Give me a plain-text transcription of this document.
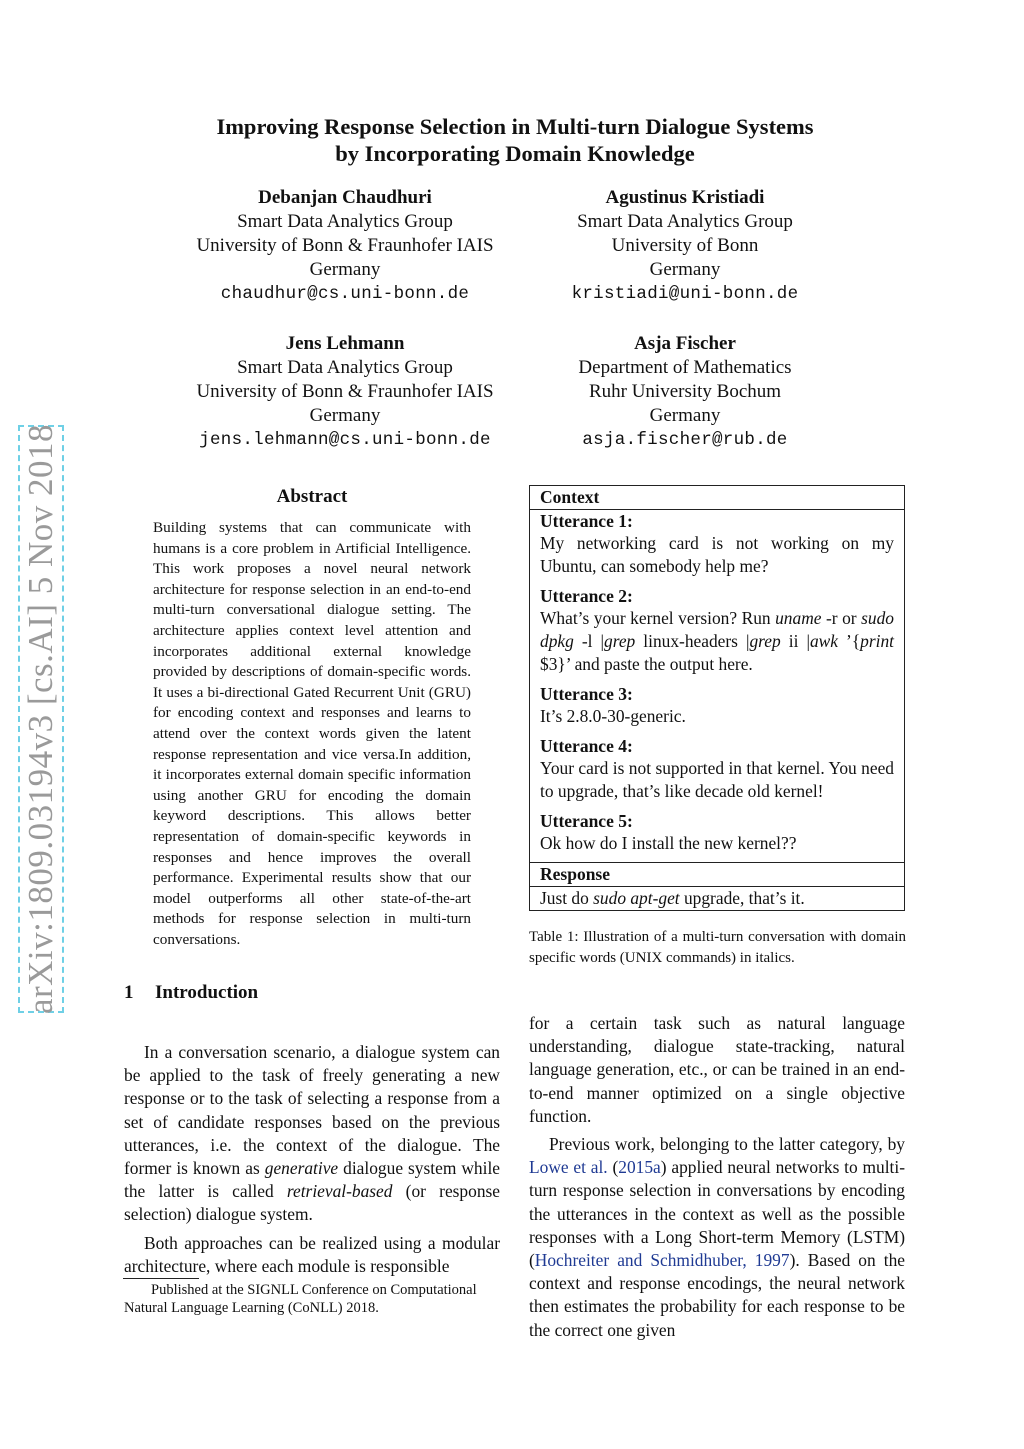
Improving Response Selection in Multi-turn Dialogue Systems
by Incorporating Domain Knowledge
Debanjan Chaudhuri
Smart Data Analytics Group
University of Bonn & Fraunhofer IAIS
Germany
chaudhur@cs.uni-bonn.de
Agustinus Kristiadi
Smart Data Analytics Group
University of Bonn
Germany
kristiadi@uni-bonn.de
Jens Lehmann
Smart Data Analytics Group
University of Bonn & Fraunhofer IAIS
Germany
jens.lehmann@cs.uni-bonn.de
Asja Fischer
Department of Mathematics
Ruhr University Bochum
Germany
asja.fischer@rub.de
arXiv:1809.03194v3 [cs.AI] 5 Nov 2018	Abstract
Building systems that can communicate with humans is a core problem in Artificial Intelligence. This work proposes a novel neural network architecture for response selection in an end-to-end multi-turn conversational dialogue setting. The architecture applies context level attention and incorporates additional external knowledge provided by descriptions of domain-specific words. It uses a bi-directional Gated Recurrent Unit (GRU) for encoding context and responses and learns to attend over the context words given the latent response representation and vice versa.In addition, it incorporates external domain specific information using another GRU for encoding the domain keyword descriptions. This allows better representation of domain-specific keywords in responses and hence improves the overall performance. Experimental results show that our model outperforms all other state-of-the-art methods for response selection in multi-turn conversations.
1 Introduction

In a conversation scenario, a dialogue system can be applied to the task of freely generating a new response or to the task of selecting a response from a set of candidate responses based on the previous utterances, i.e. the context of the dialogue. The former is known as generative dialogue system while the latter is called retrieval-based (or response selection) dialogue system.

Both approaches can be realized using a modular architecture, where each module is responsible

Published at the SIGNLL Conference on Computational Natural Language Learning (CoNLL) 2018.
Context
Utterance 1:
My networking card is not working on my Ubuntu, can somebody help me?
Utterance 2:
What’s your kernel version? Run uname -r or sudo dpkg -l |grep linux-headers |grep ii |awk ’{print $3}’ and paste the output here.
Utterance 3:
It’s 2.8.0-30-generic.
Utterance 4:
Your card is not supported in that kernel. You need to upgrade, that’s like decade old kernel!
Utterance 5:
Ok how do I install the new kernel??
Response
Just do sudo apt-get upgrade, that’s it.
Table 1: Illustration of a multi-turn conversation with domain specific words (UNIX commands) in italics.

for a certain task such as natural language understanding, dialogue state-tracking, natural language generation, etc., or can be trained in an end-to-end manner optimized on a single objective function.

Previous work, belonging to the latter category, by Lowe et al. (2015a) applied neural networks to multi-turn response selection in conversations by encoding the utterances in the context as well as the possible responses with a Long Short-term Memory (LSTM) (Hochreiter and Schmidhuber, 1997). Based on the context and response encodings, the neural network then estimates the probability for each response to be the correct one given
